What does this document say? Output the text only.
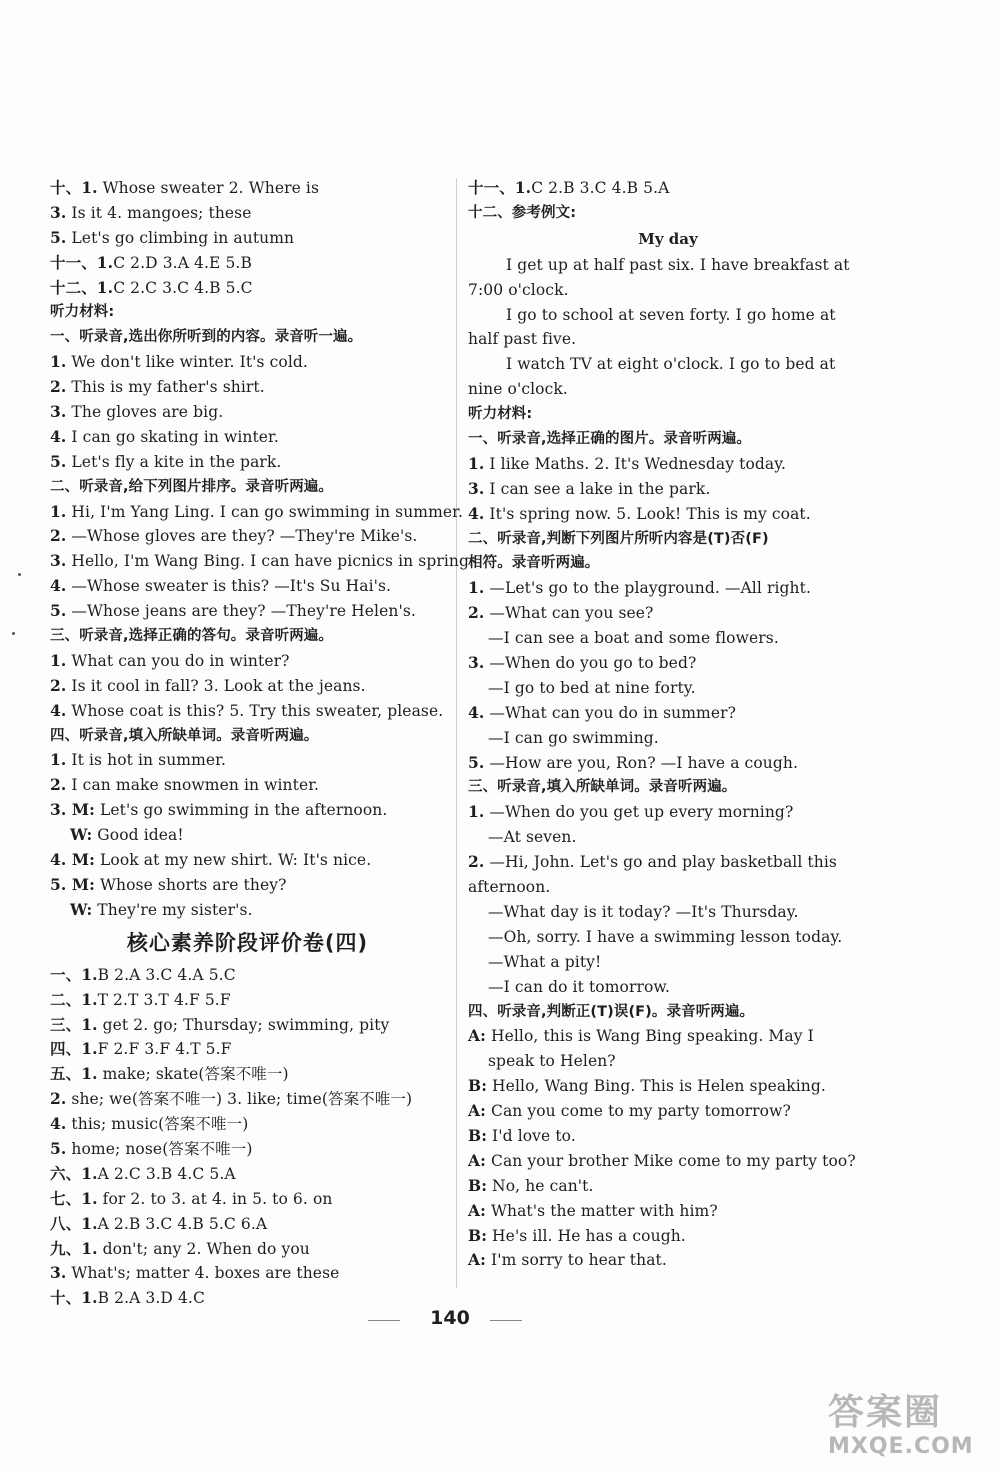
十、1. Whose sweater 2. Where is
3. Is it 4. mangoes; these
5. Let's go climbing in autumn
十一、1.C 2.D 3.A 4.E 5.B
十二、1.C 2.C 3.C 4.B 5.C
听力材料:
一、听录音,选出你所听到的内容。录音听一遍。
1. We don't like winter. It's cold.
2. This is my father's shirt.
3. The gloves are big.
4. I can go skating in winter.
5. Let's fly a kite in the park.
二、听录音,给下列图片排序。录音听两遍。
1. Hi, I'm Yang Ling. I can go swimming in summer.
2. —Whose gloves are they? —They're Mike's.
3. Hello, I'm Wang Bing. I can have picnics in spring.
4. —Whose sweater is this? —It's Su Hai's.
5. —Whose jeans are they? —They're Helen's.
三、听录音,选择正确的答句。录音听两遍。
1. What can you do in winter?
2. Is it cool in fall? 3. Look at the jeans.
4. Whose coat is this? 5. Try this sweater, please.
四、听录音,填入所缺单词。录音听两遍。
1. It is hot in summer.
2. I can make snowmen in winter.
3. M: Let's go swimming in the afternoon.
W: Good idea!
4. M: Look at my new shirt. W: It's nice.
5. M: Whose shorts are they?
W: They're my sister's.
核心素养阶段评价卷(四)
一、1.B 2.A 3.C 4.A 5.C
二、1.T 2.T 3.T 4.F 5.F
三、1. get 2. go; Thursday; swimming, pity
四、1.F 2.F 3.F 4.T 5.F
五、1. make; skate(答案不唯一)
2. she; we(答案不唯一) 3. like; time(答案不唯一)
4. this; music(答案不唯一)
5. home; nose(答案不唯一)
六、1.A 2.C 3.B 4.C 5.A
七、1. for 2. to 3. at 4. in 5. to 6. on
八、1.A 2.B 3.C 4.B 5.C 6.A
九、1. don't; any 2. When do you
3. What's; matter 4. boxes are these
十、1.B 2.A 3.D 4.C
十一、1.C 2.B 3.C 4.B 5.A
十二、参考例文:
My day
I get up at half past six. I have breakfast at
7:00 o'clock.
I go to school at seven forty. I go home at
half past five.
I watch TV at eight o'clock. I go to bed at
nine o'clock.
听力材料:
一、听录音,选择正确的图片。录音听两遍。
1. I like Maths. 2. It's Wednesday today.
3. I can see a lake in the park.
4. It's spring now. 5. Look! This is my coat.
二、听录音,判断下列图片所听内容是(T)否(F)
相符。录音听两遍。
1. —Let's go to the playground. —All right.
2. —What can you see?
—I can see a boat and some flowers.
3. —When do you go to bed?
—I go to bed at nine forty.
4. —What can you do in summer?
—I can go swimming.
5. —How are you, Ron? —I have a cough.
三、听录音,填入所缺单词。录音听两遍。
1. —When do you get up every morning?
—At seven.
2. —Hi, John. Let's go and play basketball this
afternoon.
—What day is it today? —It's Thursday.
—Oh, sorry. I have a swimming lesson today.
—What a pity!
—I can do it tomorrow.
四、听录音,判断正(T)误(F)。录音听两遍。
A: Hello, this is Wang Bing speaking. May I
speak to Helen?
B: Hello, Wang Bing. This is Helen speaking.
A: Can you come to my party tomorrow?
B: I'd love to.
A: Can your brother Mike come to my party too?
B: No, he can't.
A: What's the matter with him?
B: He's ill. He has a cough.
A: I'm sorry to hear that.
140
答案圈
MXQE.COM
